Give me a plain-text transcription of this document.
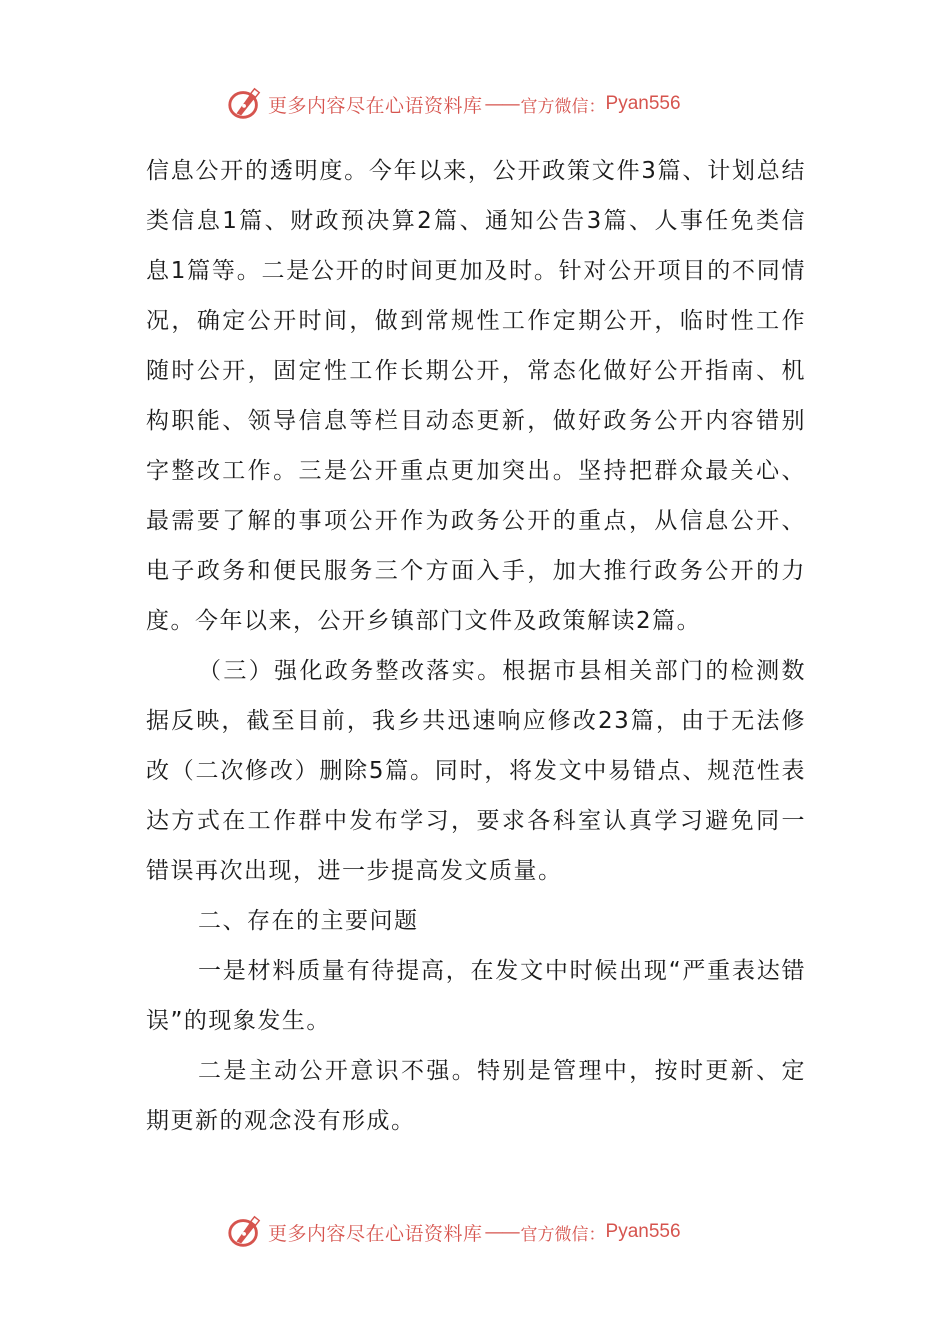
更多内容尽在心语资料库 —— 官方微信： Pyan556

信息公开的透明度。今年以来，公开政策文件3篇、计划总结类信息1篇、财政预决算2篇、通知公告3篇、人事任免类信息1篇等。二是公开的时间更加及时。针对公开项目的不同情况，确定公开时间，做到常规性工作定期公开，临时性工作随时公开，固定性工作长期公开，常态化做好公开指南、机构职能、领导信息等栏目动态更新，做好政务公开内容错别字整改工作。三是公开重点更加突出。坚持把群众最关心、最需要了解的事项公开作为政务公开的重点，从信息公开、电子政务和便民服务三个方面入手，加大推行政务公开的力度。今年以来，公开乡镇部门文件及政策解读2篇。

（三）强化政务整改落实。根据市县相关部门的检测数据反映，截至目前，我乡共迅速响应修改23篇，由于无法修改（二次修改）删除5篇。同时，将发文中易错点、规范性表达方式在工作群中发布学习，要求各科室认真学习避免同一错误再次出现，进一步提高发文质量。

二、存在的主要问题

一是材料质量有待提高，在发文中时候出现“严重表达错误”的现象发生。

二是主动公开意识不强。特别是管理中，按时更新、定期更新的观念没有形成。

更多内容尽在心语资料库 —— 官方微信： Pyan556
